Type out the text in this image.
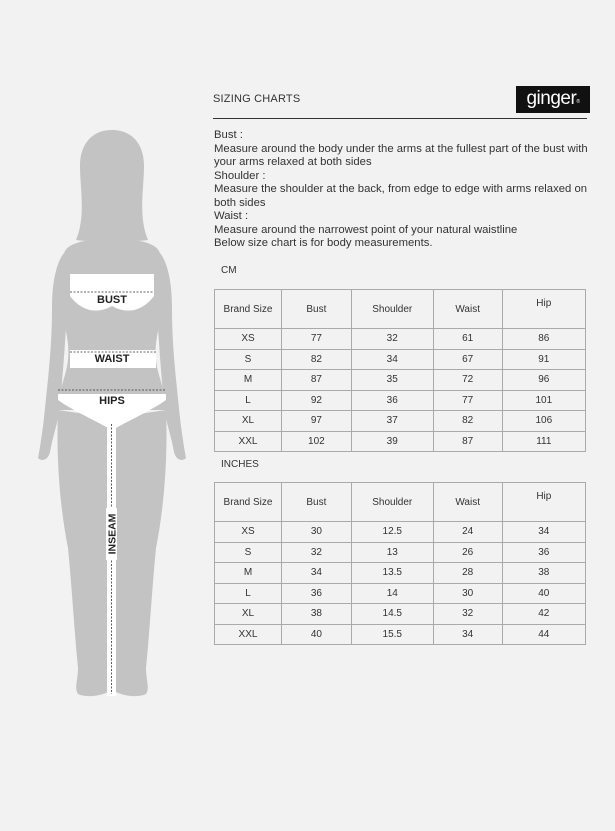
BUST
WAIST
HIPS
INSEAM
SIZING CHARTS	ginger®

Bust :

Measure around the body under the arms at the fullest part of the bust with your arms relaxed at both sides

Shoulder :

Measure the shoulder at the back, from edge to edge with arms relaxed on both sides

Waist :

Measure around the narrowest point of your natural waistline

Below size chart is for body measurements.

CM
Brand Size	Bust	Shoulder	Waist	Hip
XS	77	32	61	86
S	82	34	67	91
M	87	35	72	96
L	92	36	77	101
XL	97	37	82	106
XXL	102	39	87	111
INCHES
Brand Size	Bust	Shoulder	Waist	Hip
XS	30	12.5	24	34
S	32	13	26	36
M	34	13.5	28	38
L	36	14	30	40
XL	38	14.5	32	42
XXL	40	15.5	34	44
